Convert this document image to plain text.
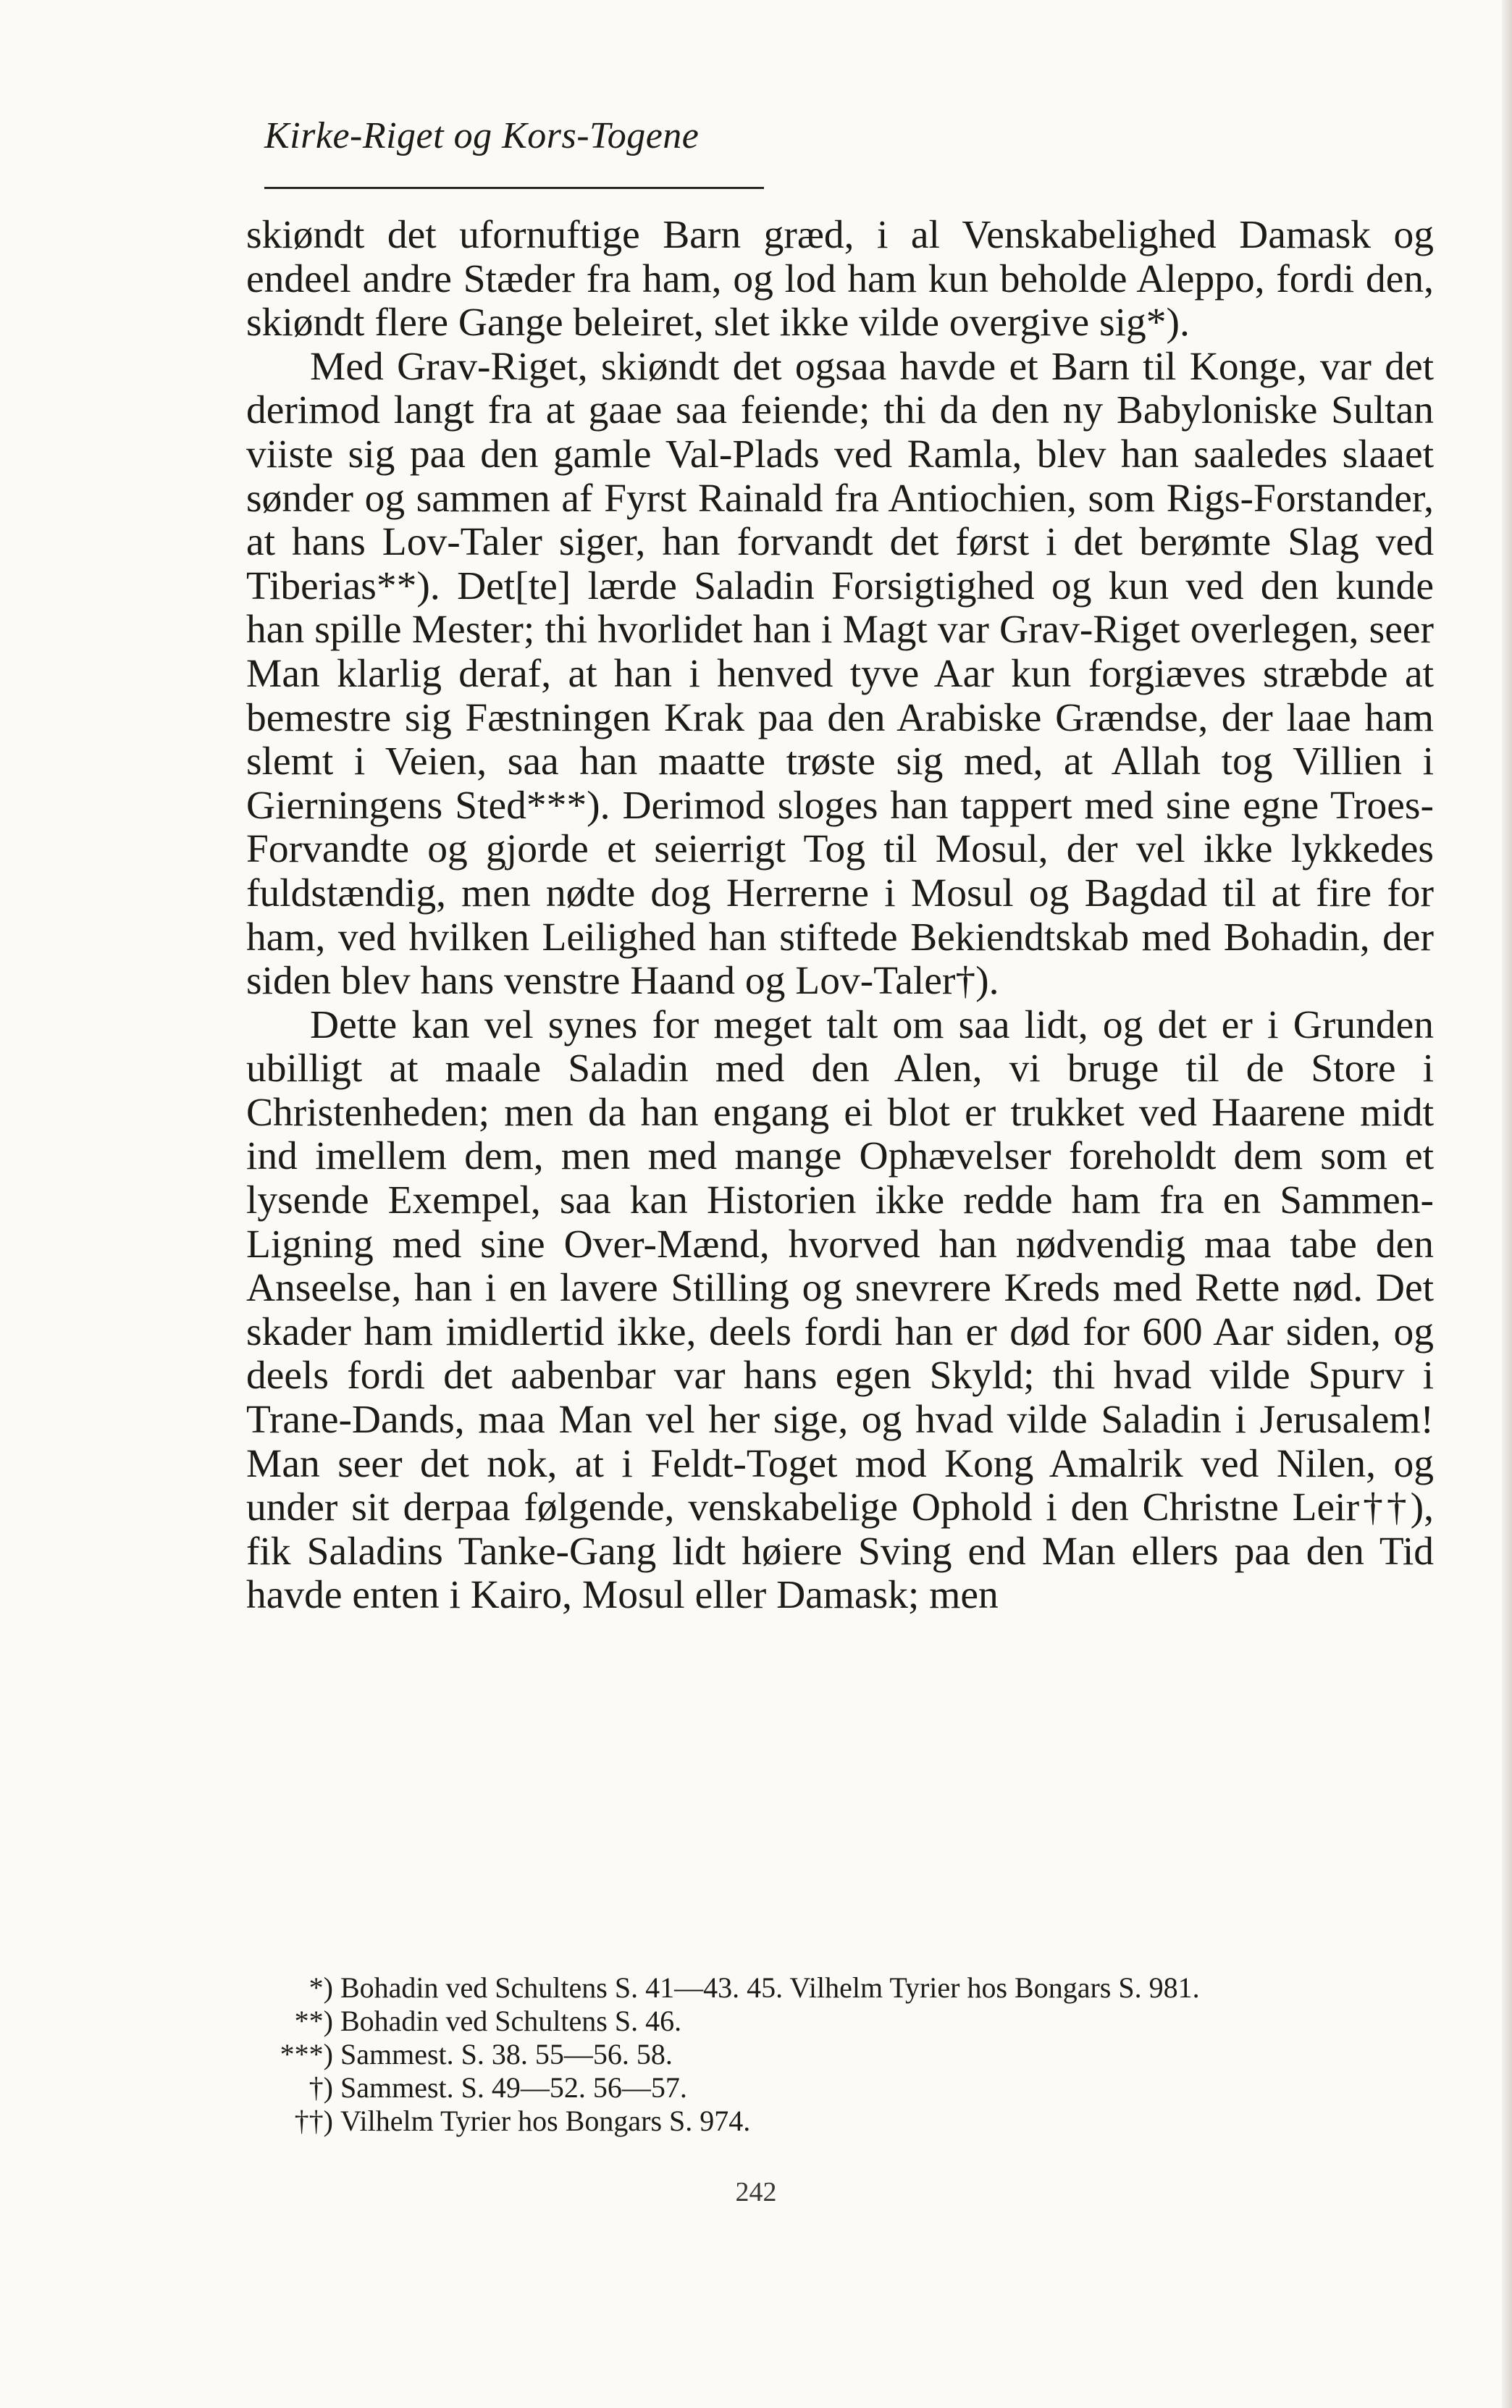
Kirke-Riget og Kors-Togene

skiøndt det ufornuftige Barn græd, i al Venskabelighed Damask og endeel andre Stæder fra ham, og lod ham kun beholde Aleppo, fordi den, skiøndt flere Gange beleiret, slet ikke vilde overgive sig*).

Med Grav-Riget, skiøndt det ogsaa havde et Barn til Konge, var det derimod langt fra at gaae saa feiende; thi da den ny Babyloniske Sultan viiste sig paa den gamle Val-Plads ved Ramla, blev han saaledes slaaet sønder og sammen af Fyrst Rainald fra Antiochien, som Rigs-Forstander, at hans Lov-Taler siger, han forvandt det først i det berømte Slag ved Tiberias**). Det[te] lærde Saladin Forsigtighed og kun ved den kunde han spille Mester; thi hvorlidet han i Magt var Grav-Riget overlegen, seer Man klarlig deraf, at han i henved tyve Aar kun forgiæves stræbde at bemestre sig Fæstningen Krak paa den Arabiske Grændse, der laae ham slemt i Veien, saa han maatte trøste sig med, at Allah tog Villien i Gierningens Sted***). Derimod sloges han tappert med sine egne Troes-Forvandte og gjorde et seierrigt Tog til Mosul, der vel ikke lykkedes fuldstændig, men nødte dog Herrerne i Mosul og Bagdad til at fire for ham, ved hvilken Leilighed han stiftede Bekiendtskab med Bohadin, der siden blev hans venstre Haand og Lov-Taler†).

Dette kan vel synes for meget talt om saa lidt, og det er i Grunden ubilligt at maale Saladin med den Alen, vi bruge til de Store i Christenheden; men da han engang ei blot er trukket ved Haarene midt ind imellem dem, men med mange Ophævelser foreholdt dem som et lysende Exempel, saa kan Historien ikke redde ham fra en Sammen-Ligning med sine Over-Mænd, hvorved han nødvendig maa tabe den Anseelse, han i en lavere Stilling og snevrere Kreds med Rette nød. Det skader ham imidlertid ikke, deels fordi han er død for 600 Aar siden, og deels fordi det aabenbar var hans egen Skyld; thi hvad vilde Spurv i Trane-Dands, maa Man vel her sige, og hvad vilde Saladin i Jerusalem! Man seer det nok, at i Feldt-Toget mod Kong Amalrik ved Nilen, og under sit derpaa følgende, venskabelige Ophold i den Christne Leir††), fik Saladins Tanke-Gang lidt høiere Sving end Man ellers paa den Tid havde enten i Kairo, Mosul eller Damask; men

*) Bohadin ved Schultens S. 41—43. 45. Vilhelm Tyrier hos Bongars S. 981.
**) Bohadin ved Schultens S. 46.
***) Sammest. S. 38. 55—56. 58.
†) Sammest. S. 49—52. 56—57.
††) Vilhelm Tyrier hos Bongars S. 974.
242
